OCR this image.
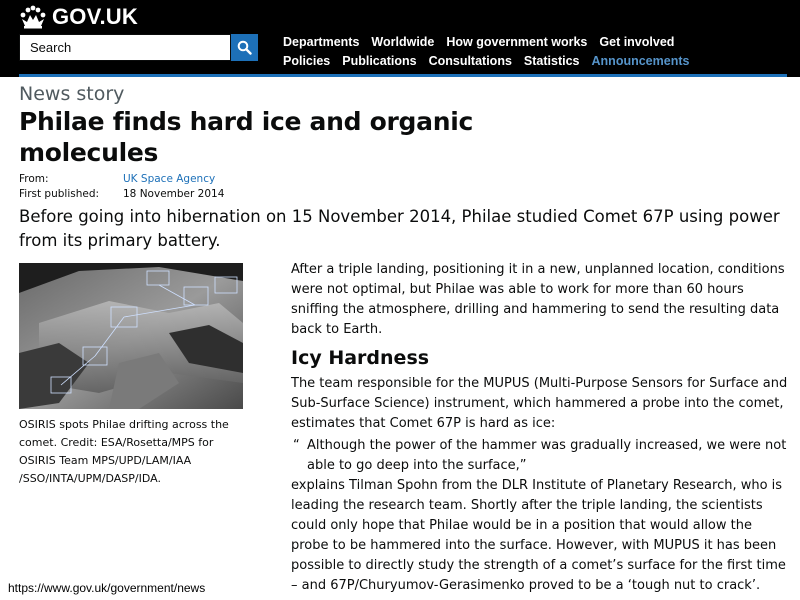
GOV.UK
Search
Departments Worldwide How government works Get involved
Policies Publications Consultations Statistics Announcements
News story
Philae finds hard ice and organic molecules
From:	UK Space Agency
First published:	18 November 2014

Before going into hibernation on 15 November 2014, Philae studied Comet 67P using power from its primary battery.

OSIRIS spots Philae drifting across the comet. Credit: ESA/Rosetta/MPS for OSIRIS Team MPS/UPD/LAM/IAA /SSO/INTA/UPM/DASP/IDA.

After a triple landing, positioning it in a new, unplanned location, conditions were not optimal, but Philae was able to work for more than 60 hours sniffing the atmosphere, drilling and hammering to send the resulting data back to Earth.

Icy Hardness

The team responsible for the MUPUS (Multi-Purpose Sensors for Surface and Sub-Surface Science) instrument, which hammered a probe into the comet, estimates that Comet 67P is hard as ice:

“ Although the power of the hammer was gradually increased, we were not able to go deep into the surface,”

explains Tilman Spohn from the DLR Institute of Planetary Research, who is leading the research team. Shortly after the triple landing, the scientists could only hope that Philae would be in a position that would allow the probe to be hammered into the surface. However, with MUPUS it has been possible to directly study the strength of a comet’s surface for the first time – and 67P/Churyumov-Gerasimenko proved to be a ‘tough nut to crack’.

https://www.gov.uk/government/news
